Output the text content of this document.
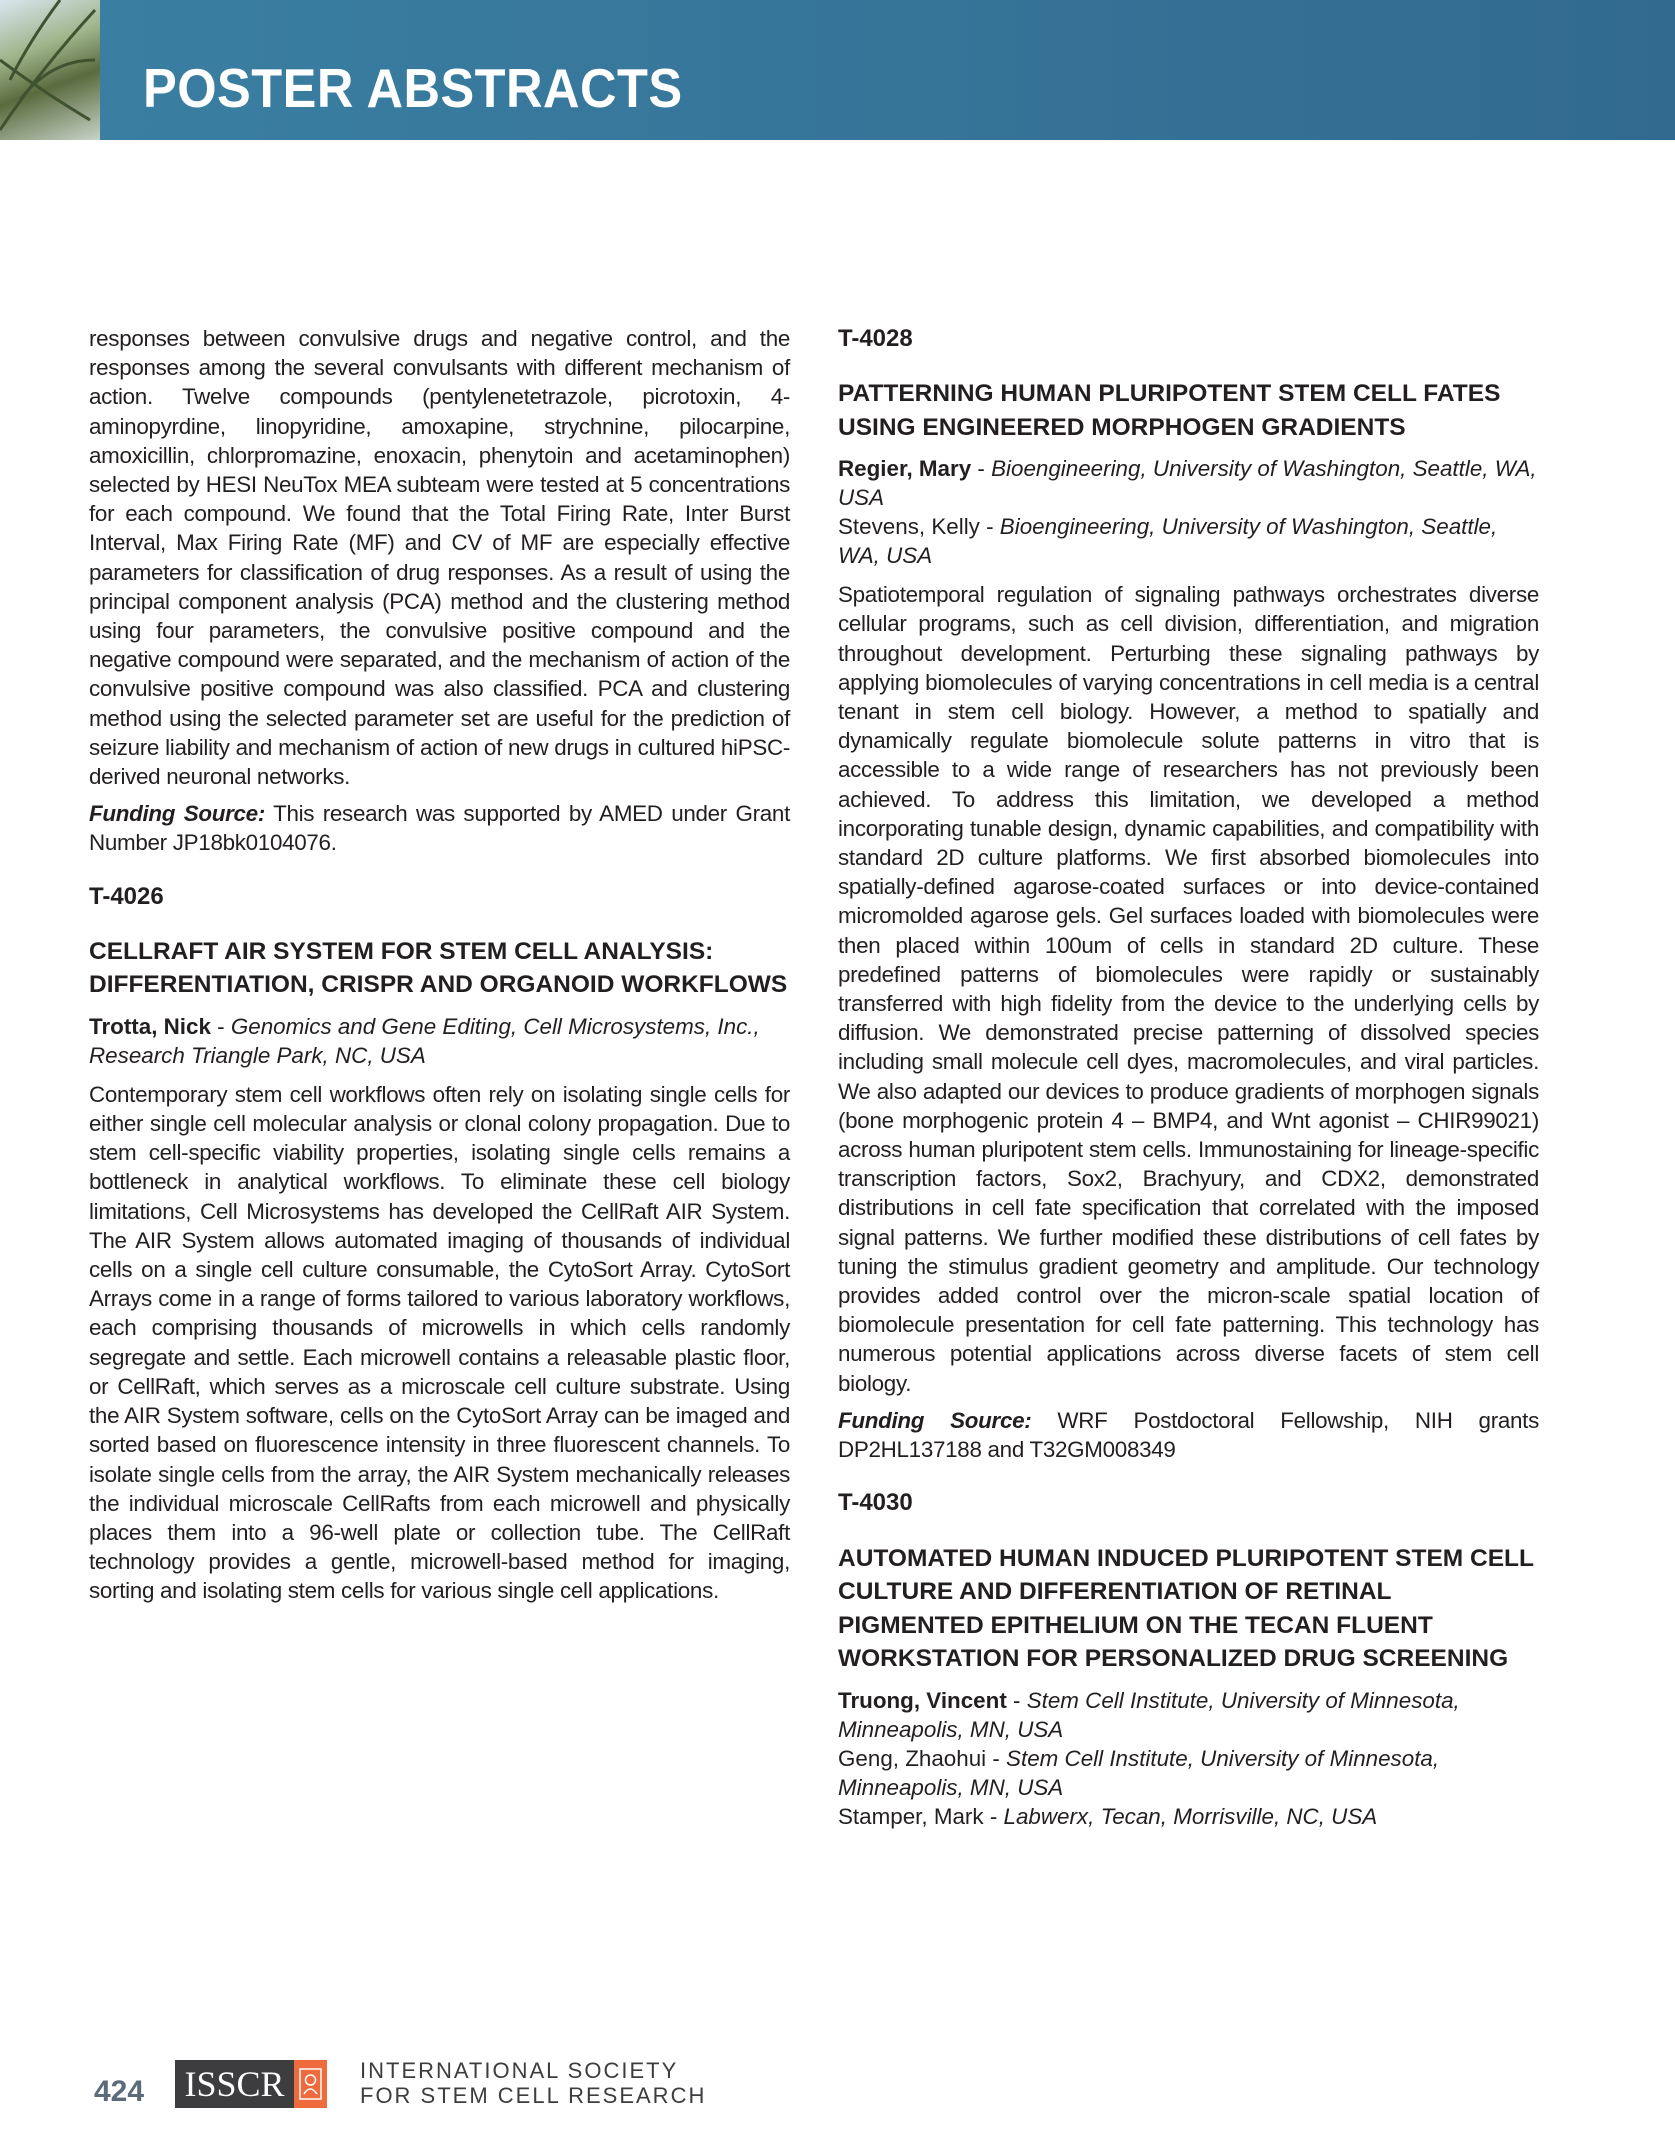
POSTER ABSTRACTS

responses between convulsive drugs and negative control, and the responses among the several convulsants with different mechanism of action. Twelve compounds (pentylenetetrazole, picrotoxin, 4-aminopyrdine, linopyridine, amoxapine, strychnine, pilocarpine, amoxicillin, chlorpromazine, enoxacin, phenytoin and acetaminophen) selected by HESI NeuTox MEA subteam were tested at 5 concentrations for each compound. We found that the Total Firing Rate, Inter Burst Interval, Max Firing Rate (MF) and CV of MF are especially effective parameters for classification of drug responses. As a result of using the principal component analysis (PCA) method and the clustering method using four parameters, the convulsive positive compound and the negative compound were separated, and the mechanism of action of the convulsive positive compound was also classified. PCA and clustering method using the selected parameter set are useful for the prediction of seizure liability and mechanism of action of new drugs in cultured hiPSC-derived neuronal networks.

Funding Source: This research was supported by AMED under Grant Number JP18bk0104076.

T-4026
CELLRAFT AIR SYSTEM FOR STEM CELL ANALYSIS: DIFFERENTIATION, CRISPR AND ORGANOID WORKFLOWS
Trotta, Nick - Genomics and Gene Editing, Cell Microsystems, Inc., Research Triangle Park, NC, USA

Contemporary stem cell workflows often rely on isolating single cells for either single cell molecular analysis or clonal colony propagation. Due to stem cell-specific viability properties, isolating single cells remains a bottleneck in analytical workflows. To eliminate these cell biology limitations, Cell Microsystems has developed the CellRaft AIR System. The AIR System allows automated imaging of thousands of individual cells on a single cell culture consumable, the CytoSort Array. CytoSort Arrays come in a range of forms tailored to various laboratory workflows, each comprising thousands of microwells in which cells randomly segregate and settle. Each microwell contains a releasable plastic floor, or CellRaft, which serves as a microscale cell culture substrate. Using the AIR System software, cells on the CytoSort Array can be imaged and sorted based on fluorescence intensity in three fluorescent channels. To isolate single cells from the array, the AIR System mechanically releases the individual microscale CellRafts from each microwell and physically places them into a 96-well plate or collection tube. The CellRaft technology provides a gentle, microwell-based method for imaging, sorting and isolating stem cells for various single cell applications.

T-4028
PATTERNING HUMAN PLURIPOTENT STEM CELL FATES USING ENGINEERED MORPHOGEN GRADIENTS
Regier, Mary - Bioengineering, University of Washington, Seattle, WA, USA
Stevens, Kelly - Bioengineering, University of Washington, Seattle, WA, USA

Spatiotemporal regulation of signaling pathways orchestrates diverse cellular programs, such as cell division, differentiation, and migration throughout development. Perturbing these signaling pathways by applying biomolecules of varying concentrations in cell media is a central tenant in stem cell biology. However, a method to spatially and dynamically regulate biomolecule solute patterns in vitro that is accessible to a wide range of researchers has not previously been achieved. To address this limitation, we developed a method incorporating tunable design, dynamic capabilities, and compatibility with standard 2D culture platforms. We first absorbed biomolecules into spatially-defined agarose-coated surfaces or into device-contained micromolded agarose gels. Gel surfaces loaded with biomolecules were then placed within 100um of cells in standard 2D culture. These predefined patterns of biomolecules were rapidly or sustainably transferred with high fidelity from the device to the underlying cells by diffusion. We demonstrated precise patterning of dissolved species including small molecule cell dyes, macromolecules, and viral particles. We also adapted our devices to produce gradients of morphogen signals (bone morphogenic protein 4 – BMP4, and Wnt agonist – CHIR99021) across human pluripotent stem cells. Immunostaining for lineage-specific transcription factors, Sox2, Brachyury, and CDX2, demonstrated distributions in cell fate specification that correlated with the imposed signal patterns. We further modified these distributions of cell fates by tuning the stimulus gradient geometry and amplitude. Our technology provides added control over the micron-scale spatial location of biomolecule presentation for cell fate patterning. This technology has numerous potential applications across diverse facets of stem cell biology.

Funding Source: WRF Postdoctoral Fellowship, NIH grants DP2HL137188 and T32GM008349

T-4030
AUTOMATED HUMAN INDUCED PLURIPOTENT STEM CELL CULTURE AND DIFFERENTIATION OF RETINAL PIGMENTED EPITHELIUM ON THE TECAN FLUENT WORKSTATION FOR PERSONALIZED DRUG SCREENING
Truong, Vincent - Stem Cell Institute, University of Minnesota, Minneapolis, MN, USA
Geng, Zhaohui - Stem Cell Institute, University of Minnesota, Minneapolis, MN, USA
Stamper, Mark - Labwerx, Tecan, Morrisville, NC, USA
424 ISSCR	INTERNATIONAL SOCIETY
FOR STEM CELL RESEARCH
